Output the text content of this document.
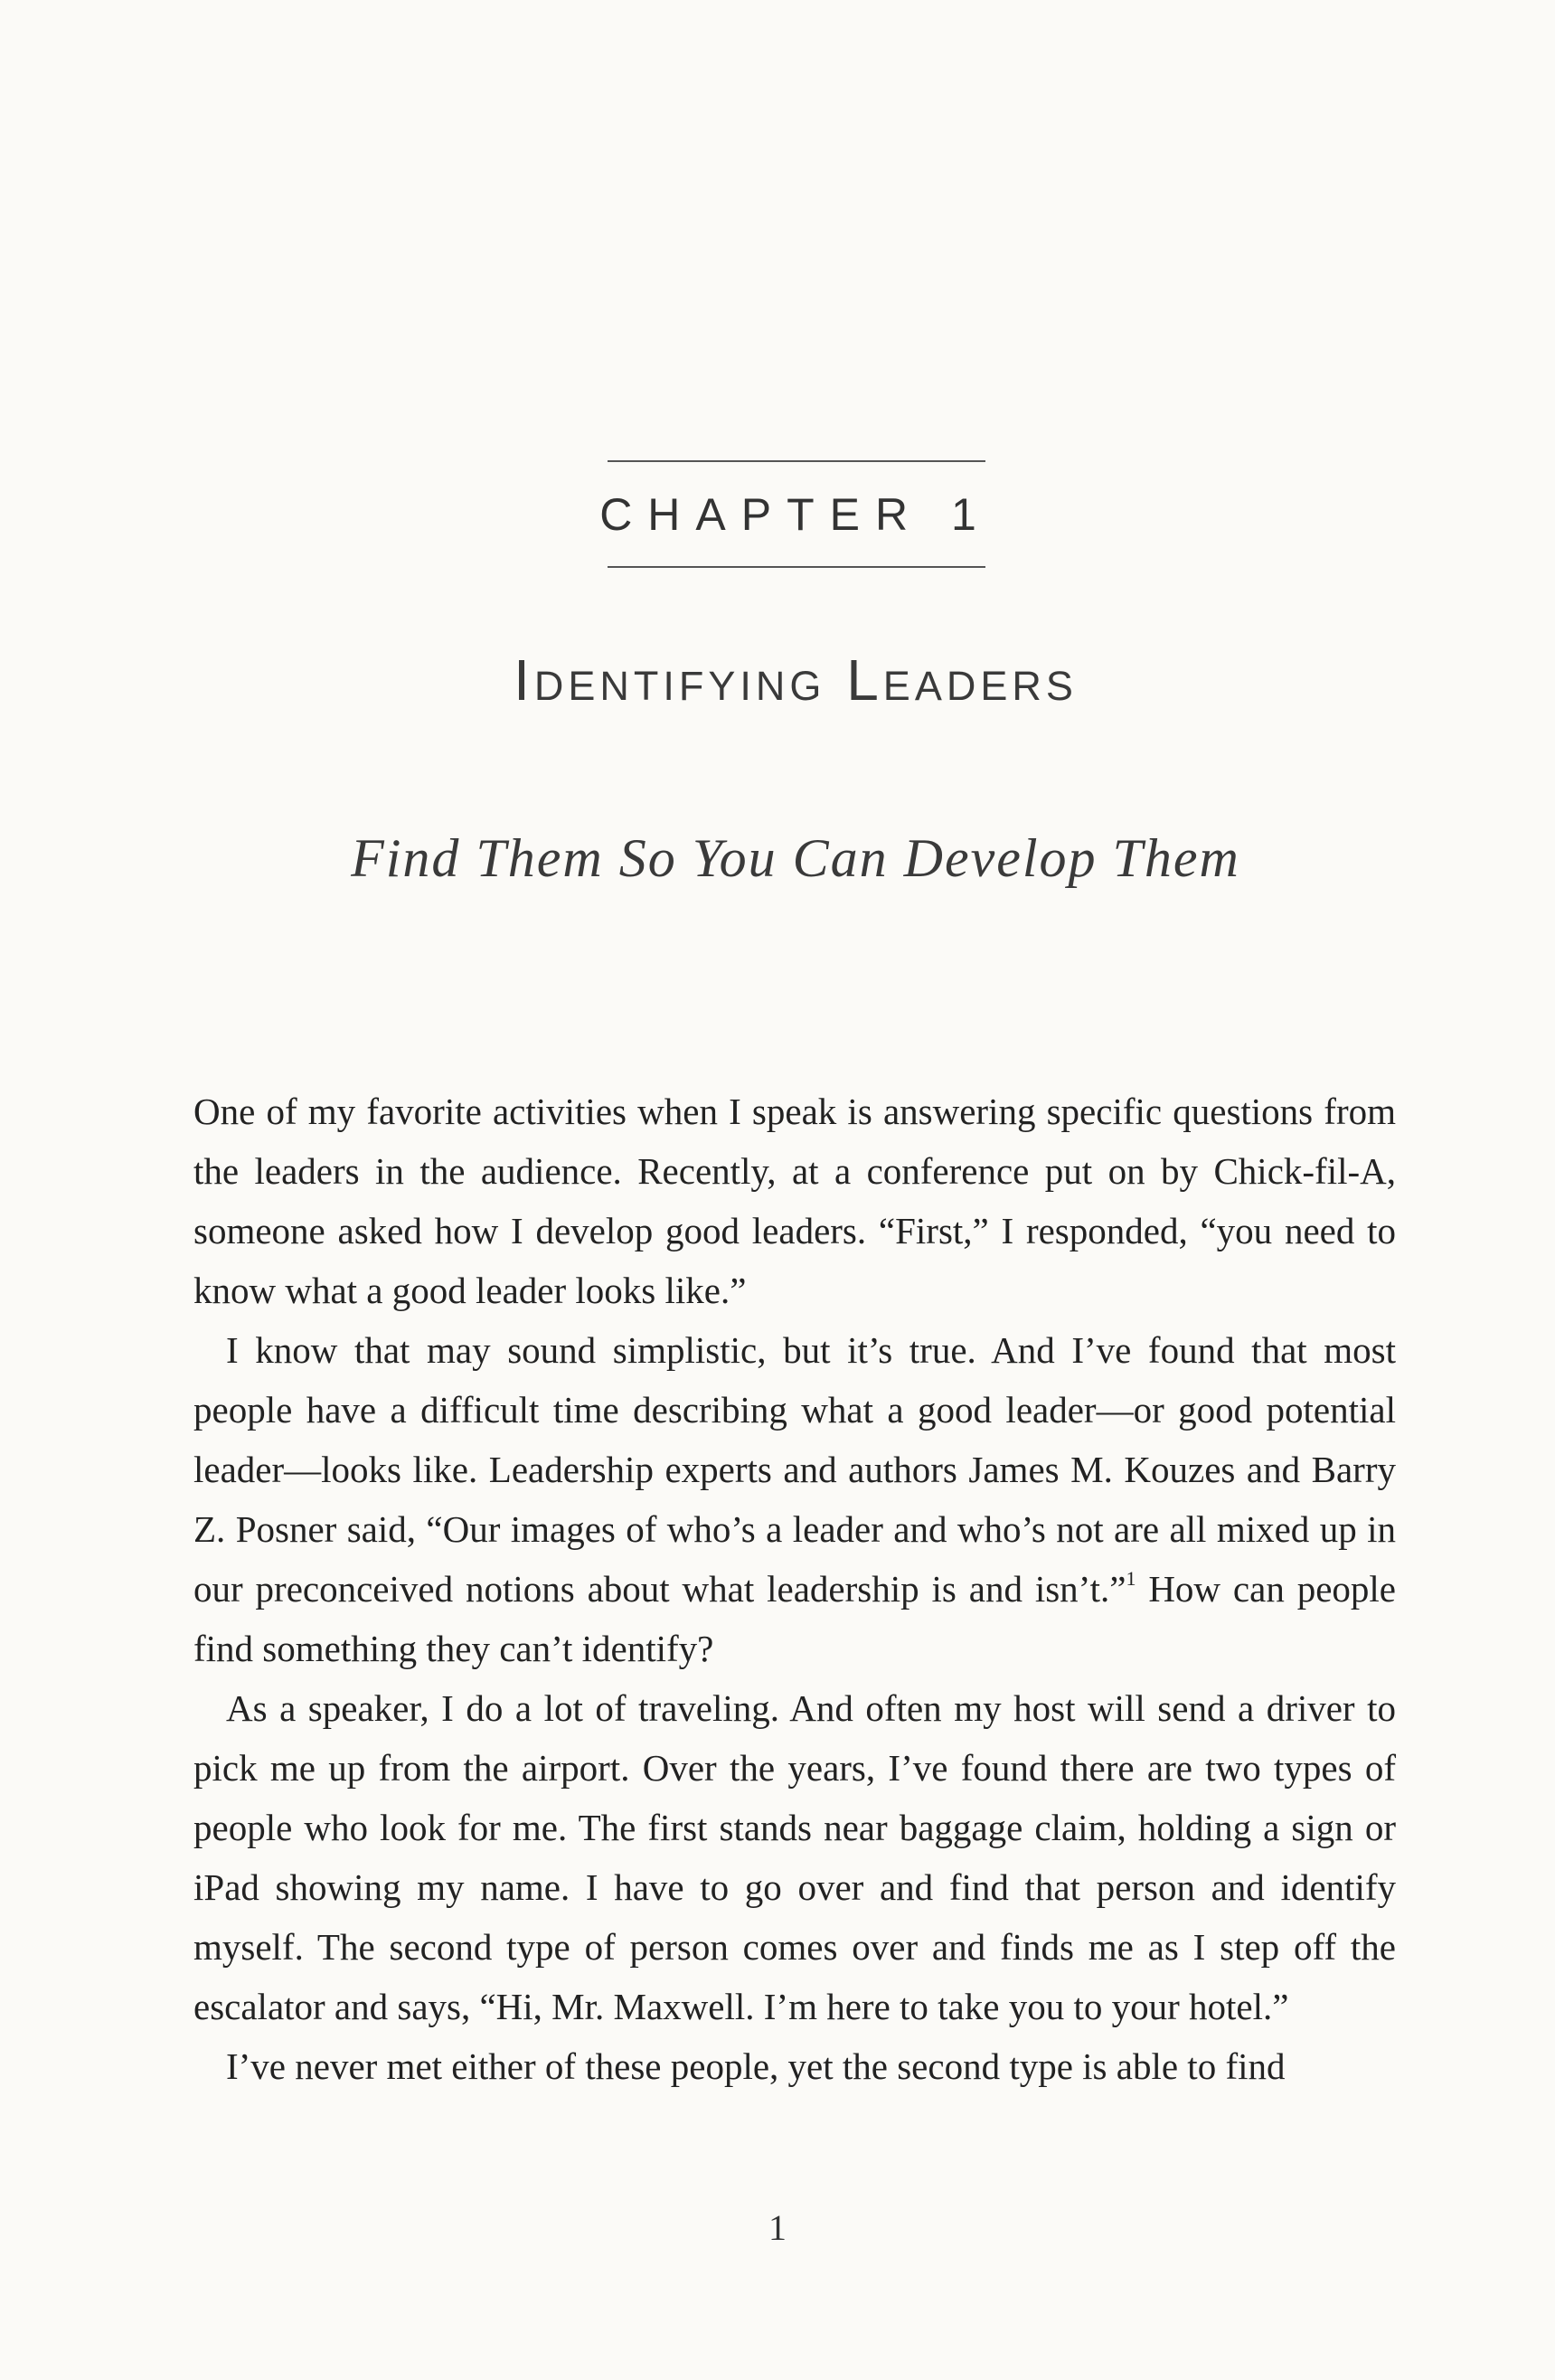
CHAPTER 1
Identifying Leaders
Find Them So You Can Develop Them

One of my favorite activities when I speak is answering specific questions from the leaders in the audience. Recently, at a conference put on by Chick-fil-A, someone asked how I develop good leaders. “First,” I responded, “you need to know what a good leader looks like.”

I know that may sound simplistic, but it’s true. And I’ve found that most people have a difficult time describing what a good leader—or good potential leader—looks like. Leadership experts and authors James M. Kouzes and Barry Z. Posner said, “Our images of who’s a leader and who’s not are all mixed up in our preconceived notions about what leadership is and isn’t.”$^1$ How can people find something they can’t identify?

As a speaker, I do a lot of traveling. And often my host will send a driver to pick me up from the airport. Over the years, I’ve found there are two types of people who look for me. The first stands near baggage claim, holding a sign or iPad showing my name. I have to go over and find that person and identify myself. The second type of person comes over and finds me as I step off the escalator and says, “Hi, Mr. Maxwell. I’m here to take you to your hotel.”

I’ve never met either of these people, yet the second type is able to find

1
